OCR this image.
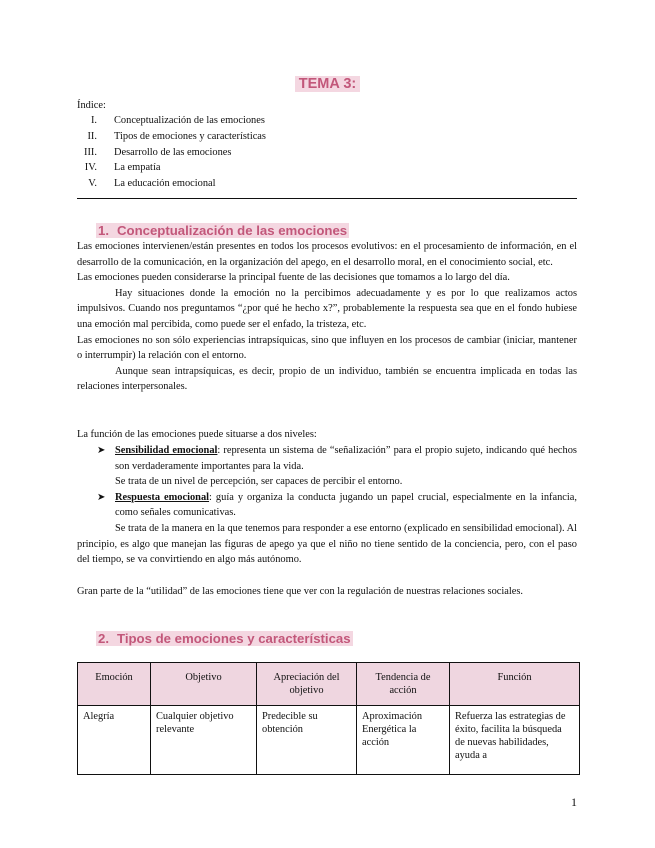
TEMA 3:
Índice:
I. Conceptualización de las emociones
II. Tipos de emociones y características
III. Desarrollo de las emociones
IV. La empatía
V. La educación emocional
1. Conceptualización de las emociones

Las emociones intervienen/están presentes en todos los procesos evolutivos: en el procesamiento de información, en el desarrollo de la comunicación, en la organización del apego, en el desarrollo moral, en el conocimiento social, etc.

Las emociones pueden considerarse la principal fuente de las decisiones que tomamos a lo largo del día.

Hay situaciones donde la emoción no la percibimos adecuadamente y es por lo que realizamos actos impulsivos. Cuando nos preguntamos “¿por qué he hecho x?”, probablemente la respuesta sea que en el fondo hubiese una emoción mal percibida, como puede ser el enfado, la tristeza, etc.

Las emociones no son sólo experiencias intrapsíquicas, sino que influyen en los procesos de cambiar (iniciar, mantener o interrumpir) la relación con el entorno.

Aunque sean intrapsíquicas, es decir, propio de un individuo, también se encuentra implicada en todas las relaciones interpersonales.

La función de las emociones puede situarse a dos niveles:
➤ Sensibilidad emocional: representa un sistema de “señalización” para el propio sujeto, indicando qué hechos son verdaderamente importantes para la vida.

Se trata de un nivel de percepción, ser capaces de percibir el entorno.

➤ Respuesta emocional: guía y organiza la conducta jugando un papel crucial, especialmente en la infancia, como señales comunicativas.

Se trata de la manera en la que tenemos para responder a ese entorno (explicado en sensibilidad emocional). Al principio, es algo que manejan las figuras de apego ya que el niño no tiene sentido de la conciencia, pero, con el paso del tiempo, se va convirtiendo en algo más autónomo.

Gran parte de la “utilidad” de las emociones tiene que ver con la regulación de nuestras relaciones sociales.
2. Tipos de emociones y características
Emoción	Objetivo	Apreciación del objetivo	Tendencia de acción	Función
Alegría	Cualquier objetivo relevante	Predecible su obtención	Aproximación Energética la acción	Refuerza las estrategias de éxito, facilita la búsqueda de nuevas habilidades, ayuda a
1
